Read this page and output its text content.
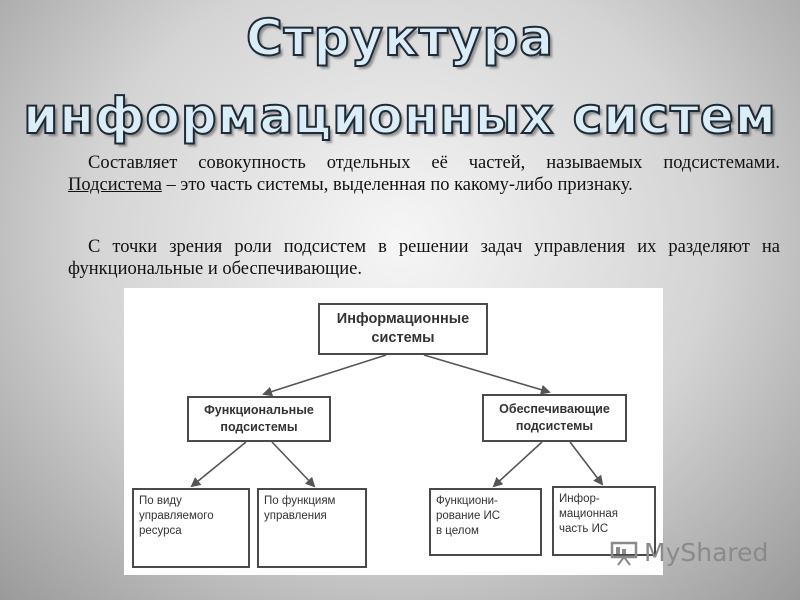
Структура
информационных систем

Составляет совокупность отдельных её частей, называемых подсистемами. Подсистема – это часть системы, выделенная по какому-либо признаку.

С точки зрения роли подсистем в решении задач управления их разделяют на функциональные и обеспечивающие.

Информационные
системы
Функциональные
подсистемы
Обеспечивающие
подсистемы
По виду
управляемого
ресурса
По функциям
управления
Функциони-
рование ИС
в целом
Инфор-
мационная
часть ИС
MyShared
